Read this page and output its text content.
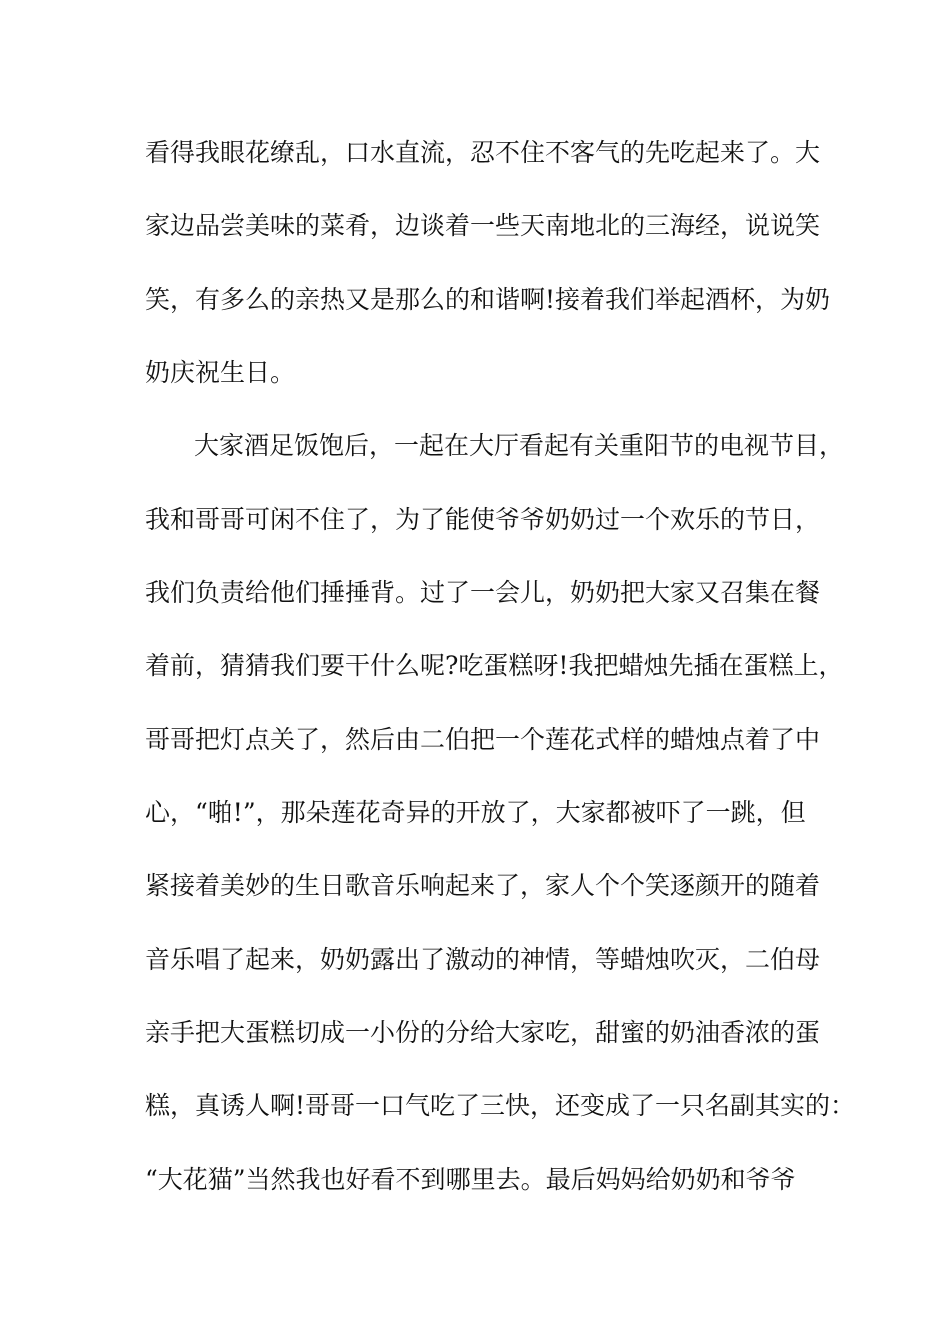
看得我眼花缭乱，口水直流，忍不住不客气的先吃起来了。大
家边品尝美味的菜肴，边谈着一些天南地北的三海经，说说笑
笑，有多么的亲热又是那么的和谐啊!接着我们举起酒杯，为奶
奶庆祝生日。
大家酒足饭饱后，一起在大厅看起有关重阳节的电视节目，
我和哥哥可闲不住了，为了能使爷爷奶奶过一个欢乐的节日，
我们负责给他们捶捶背。过了一会儿，奶奶把大家又召集在餐
着前，猜猜我们要干什么呢?吃蛋糕呀!我把蜡烛先插在蛋糕上，
哥哥把灯点关了，然后由二伯把一个莲花式样的蜡烛点着了中
心，“啪!”，那朵莲花奇异的开放了，大家都被吓了一跳，但
紧接着美妙的生日歌音乐响起来了，家人个个笑逐颜开的随着
音乐唱了起来，奶奶露出了激动的神情，等蜡烛吹灭，二伯母
亲手把大蛋糕切成一小份的分给大家吃，甜蜜的奶油香浓的蛋
糕，真诱人啊!哥哥一口气吃了三快，还变成了一只名副其实的：
“大花猫”当然我也好看不到哪里去。最后妈妈给奶奶和爷爷
